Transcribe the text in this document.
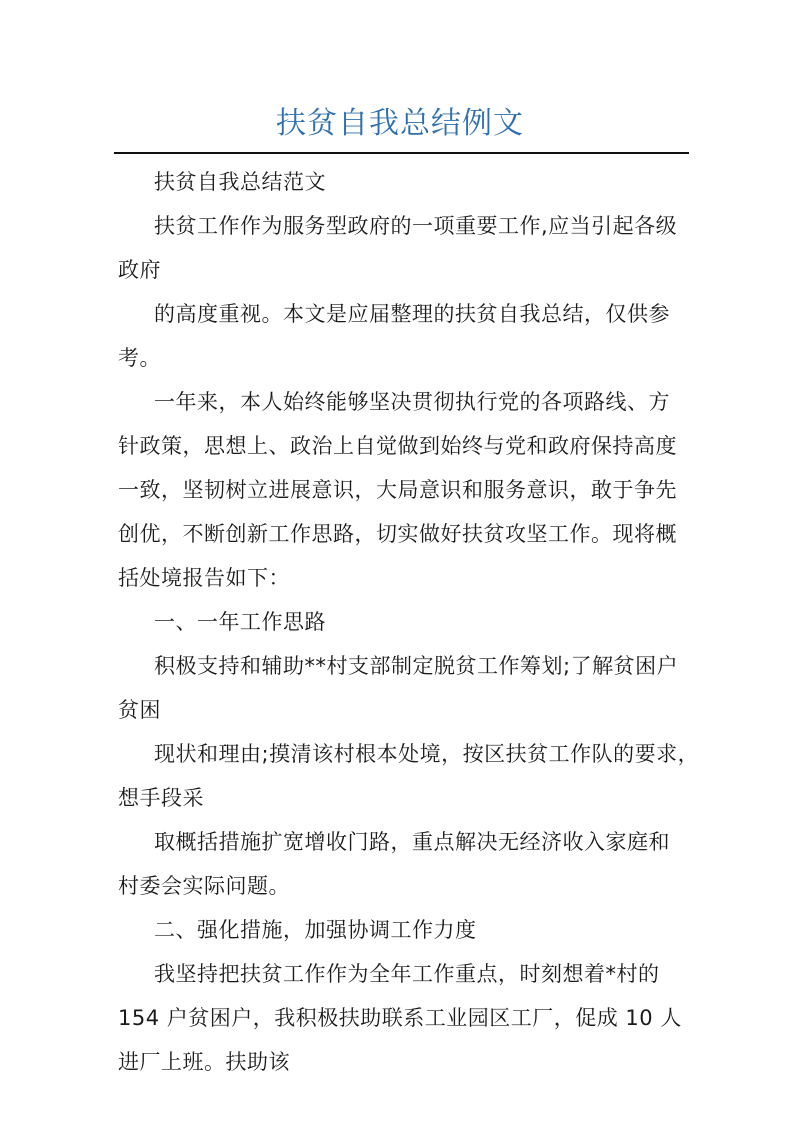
扶贫自我总结例文
扶贫自我总结范文
扶贫工作作为服务型政府的一项重要工作,应当引起各级
政府
的高度重视。本文是应届整理的扶贫自我总结，仅供参
考。
一年来，本人始终能够坚决贯彻执行党的各项路线、方
针政策，思想上、政治上自觉做到始终与党和政府保持高度
一致，坚韧树立进展意识，大局意识和服务意识，敢于争先
创优，不断创新工作思路，切实做好扶贫攻坚工作。现将概
括处境报告如下：
一、一年工作思路
积极支持和辅助**村支部制定脱贫工作筹划;了解贫困户
贫困
现状和理由;摸清该村根本处境，按区扶贫工作队的要求，
想手段采
取概括措施扩宽增收门路，重点解决无经济收入家庭和
村委会实际问题。
二、强化措施，加强协调工作力度
我坚持把扶贫工作作为全年工作重点，时刻想着*村的
154 户贫困户，我积极扶助联系工业园区工厂，促成 10 人
进厂上班。扶助该
